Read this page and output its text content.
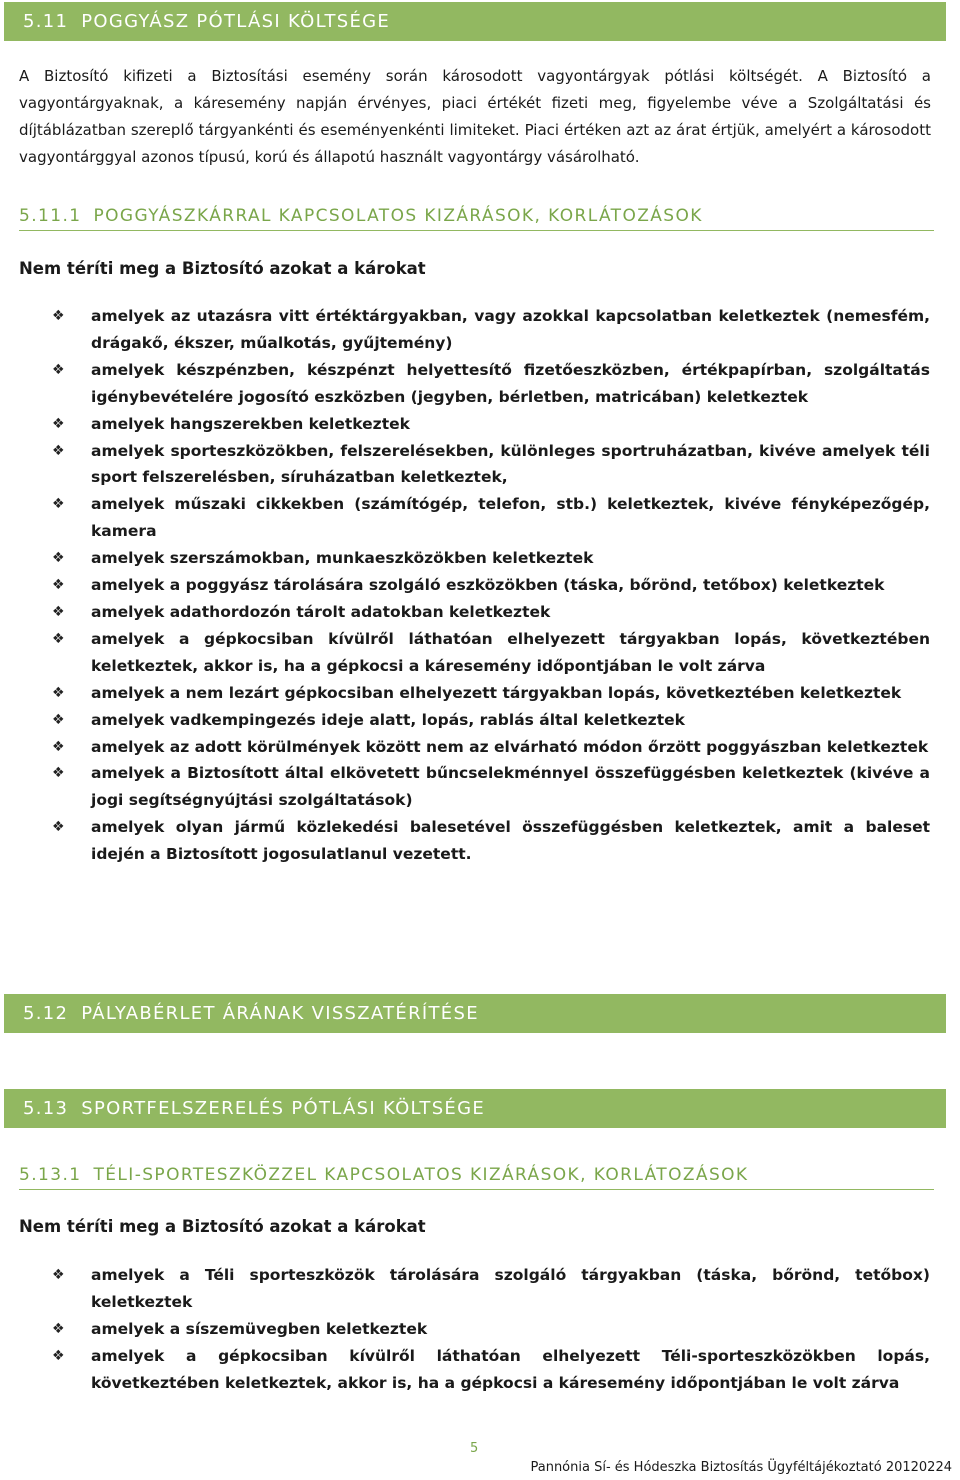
5.11 POGGYÁSZ PÓTLÁSI KÖLTSÉGE
A Biztosító kifizeti a Biztosítási esemény során károsodott vagyontárgyak pótlási költségét. A Biztosító a vagyontárgyaknak, a káresemény napján érvényes, piaci értékét fizeti meg, figyelembe véve a Szolgáltatási és díjtáblázatban szereplő tárgyankénti és eseményenkénti limiteket. Piaci értéken azt az árat értjük, amelyért a károsodott vagyontárggyal azonos típusú, korú és állapotú használt vagyontárgy vásárolható.
5.11.1 POGGYÁSZKÁRRAL KAPCSOLATOS KIZÁRÁSOK, KORLÁTOZÁSOK
Nem téríti meg a Biztosító azokat a károkat
❖ amelyek az utazásra vitt értéktárgyakban, vagy azokkal kapcsolatban keletkeztek (nemesfém, drágakő, ékszer, műalkotás, gyűjtemény)
❖ amelyek készpénzben, készpénzt helyettesítő fizetőeszközben, értékpapírban, szolgáltatás igénybevételére jogosító eszközben (jegyben, bérletben, matricában) keletkeztek
❖ amelyek hangszerekben keletkeztek
❖ amelyek sporteszközökben, felszerelésekben, különleges sportruházatban, kivéve amelyek téli sport felszerelésben, síruházatban keletkeztek,
❖ amelyek műszaki cikkekben (számítógép, telefon, stb.) keletkeztek, kivéve fényképezőgép, kamera
❖ amelyek szerszámokban, munkaeszközökben keletkeztek
❖ amelyek a poggyász tárolására szolgáló eszközökben (táska, bőrönd, tetőbox) keletkeztek
❖ amelyek adathordozón tárolt adatokban keletkeztek
❖ amelyek a gépkocsiban kívülről láthatóan elhelyezett tárgyakban lopás, következtében keletkeztek, akkor is, ha a gépkocsi a káresemény időpontjában le volt zárva
❖ amelyek a nem lezárt gépkocsiban elhelyezett tárgyakban lopás, következtében keletkeztek
❖ amelyek vadkempingezés ideje alatt, lopás, rablás által keletkeztek
❖ amelyek az adott körülmények között nem az elvárható módon őrzött poggyászban keletkeztek
❖ amelyek a Biztosított által elkövetett bűncselekménnyel összefüggésben keletkeztek (kivéve a jogi segítségnyújtási szolgáltatások)
❖ amelyek olyan jármű közlekedési balesetével összefüggésben keletkeztek, amit a baleset idején a Biztosított jogosulatlanul vezetett.
5.12 PÁLYABÉRLET ÁRÁNAK VISSZATÉRÍTÉSE
5.13 SPORTFELSZERELÉS PÓTLÁSI KÖLTSÉGE
5.13.1 TÉLI-SPORTESZKÖZZEL KAPCSOLATOS KIZÁRÁSOK, KORLÁTOZÁSOK
Nem téríti meg a Biztosító azokat a károkat
❖ amelyek a Téli sporteszközök tárolására szolgáló tárgyakban (táska, bőrönd, tetőbox) keletkeztek
❖ amelyek a síszemüvegben keletkeztek
❖ amelyek a gépkocsiban kívülről láthatóan elhelyezett Téli-sporteszközökben lopás, következtében keletkeztek, akkor is, ha a gépkocsi a káresemény időpontjában le volt zárva
5
Pannónia Sí- és Hódeszka Biztosítás Ügyféltájékoztató 20120224
